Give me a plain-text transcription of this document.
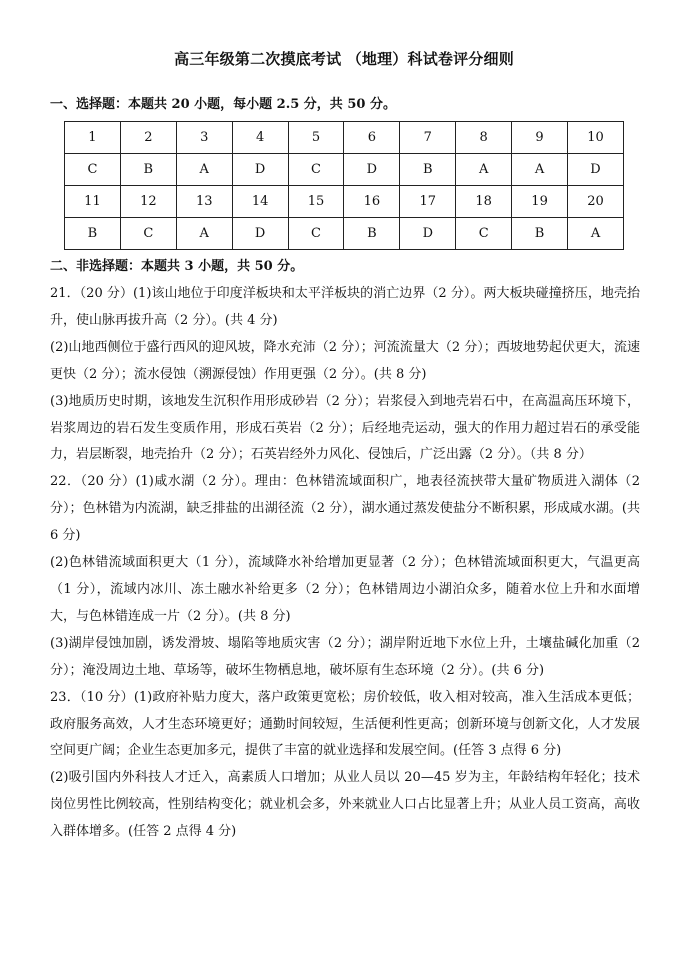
高三年级第二次摸底考试 （地理）科试卷评分细则
一、选择题：本题共 20 小题，每小题 2.5 分，共 50 分。
1	2	3	4	5	6	7	8	9	10
C	B	A	D	C	D	B	A	A	D
11	12	13	14	15	16	17	18	19	20
B	C	A	D	C	B	D	C	B	A
二、非选择题：本题共 3 小题，共 50 分。

21．（20 分）(1)该山地位于印度洋板块和太平洋板块的消亡边界（2 分）。两大板块碰撞挤压，地壳抬升，使山脉再拔升高（2 分）。(共 4 分)

(2)山地西侧位于盛行西风的迎风坡，降水充沛（2 分）；河流流量大（2 分）；西坡地势起伏更大，流速更快（2 分）；流水侵蚀（溯源侵蚀）作用更强（2 分）。(共 8 分)

(3)地质历史时期，该地发生沉积作用形成砂岩（2 分）；岩浆侵入到地壳岩石中，在高温高压环境下，岩浆周边的岩石发生变质作用，形成石英岩（2 分）；后经地壳运动，强大的作用力超过岩石的承受能力，岩层断裂，地壳抬升（2 分）；石英岩经外力风化、侵蚀后，广泛出露（2 分）。（共 8 分）

22．（20 分）(1)咸水湖（2 分）。理由：色林错流域面积广，地表径流挟带大量矿物质进入湖体（2 分）；色林错为内流湖，缺乏排盐的出湖径流（2 分），湖水通过蒸发使盐分不断积累，形成咸水湖。(共 6 分)

(2)色林错流域面积更大（1 分），流域降水补给增加更显著（2 分）；色林错流域面积更大，气温更高（1 分），流域内冰川、冻土融水补给更多（2 分）；色林错周边小湖泊众多，随着水位上升和水面增大，与色林错连成一片（2 分）。(共 8 分)

(3)湖岸侵蚀加剧，诱发滑坡、塌陷等地质灾害（2 分）；湖岸附近地下水位上升，土壤盐碱化加重（2 分）；淹没周边土地、草场等，破坏生物栖息地，破坏原有生态环境（2 分）。(共 6 分)

23．（10 分）(1)政府补贴力度大，落户政策更宽松；房价较低，收入相对较高，准入生活成本更低；政府服务高效，人才生态环境更好；通勤时间较短，生活便利性更高；创新环境与创新文化，人才发展空间更广阔；企业生态更加多元，提供了丰富的就业选择和发展空间。(任答 3 点得 6 分)

(2)吸引国内外科技人才迁入，高素质人口增加；从业人员以 20—45 岁为主，年龄结构年轻化；技术岗位男性比例较高，性别结构变化；就业机会多，外来就业人口占比显著上升；从业人员工资高，高收入群体增多。(任答 2 点得 4 分)
